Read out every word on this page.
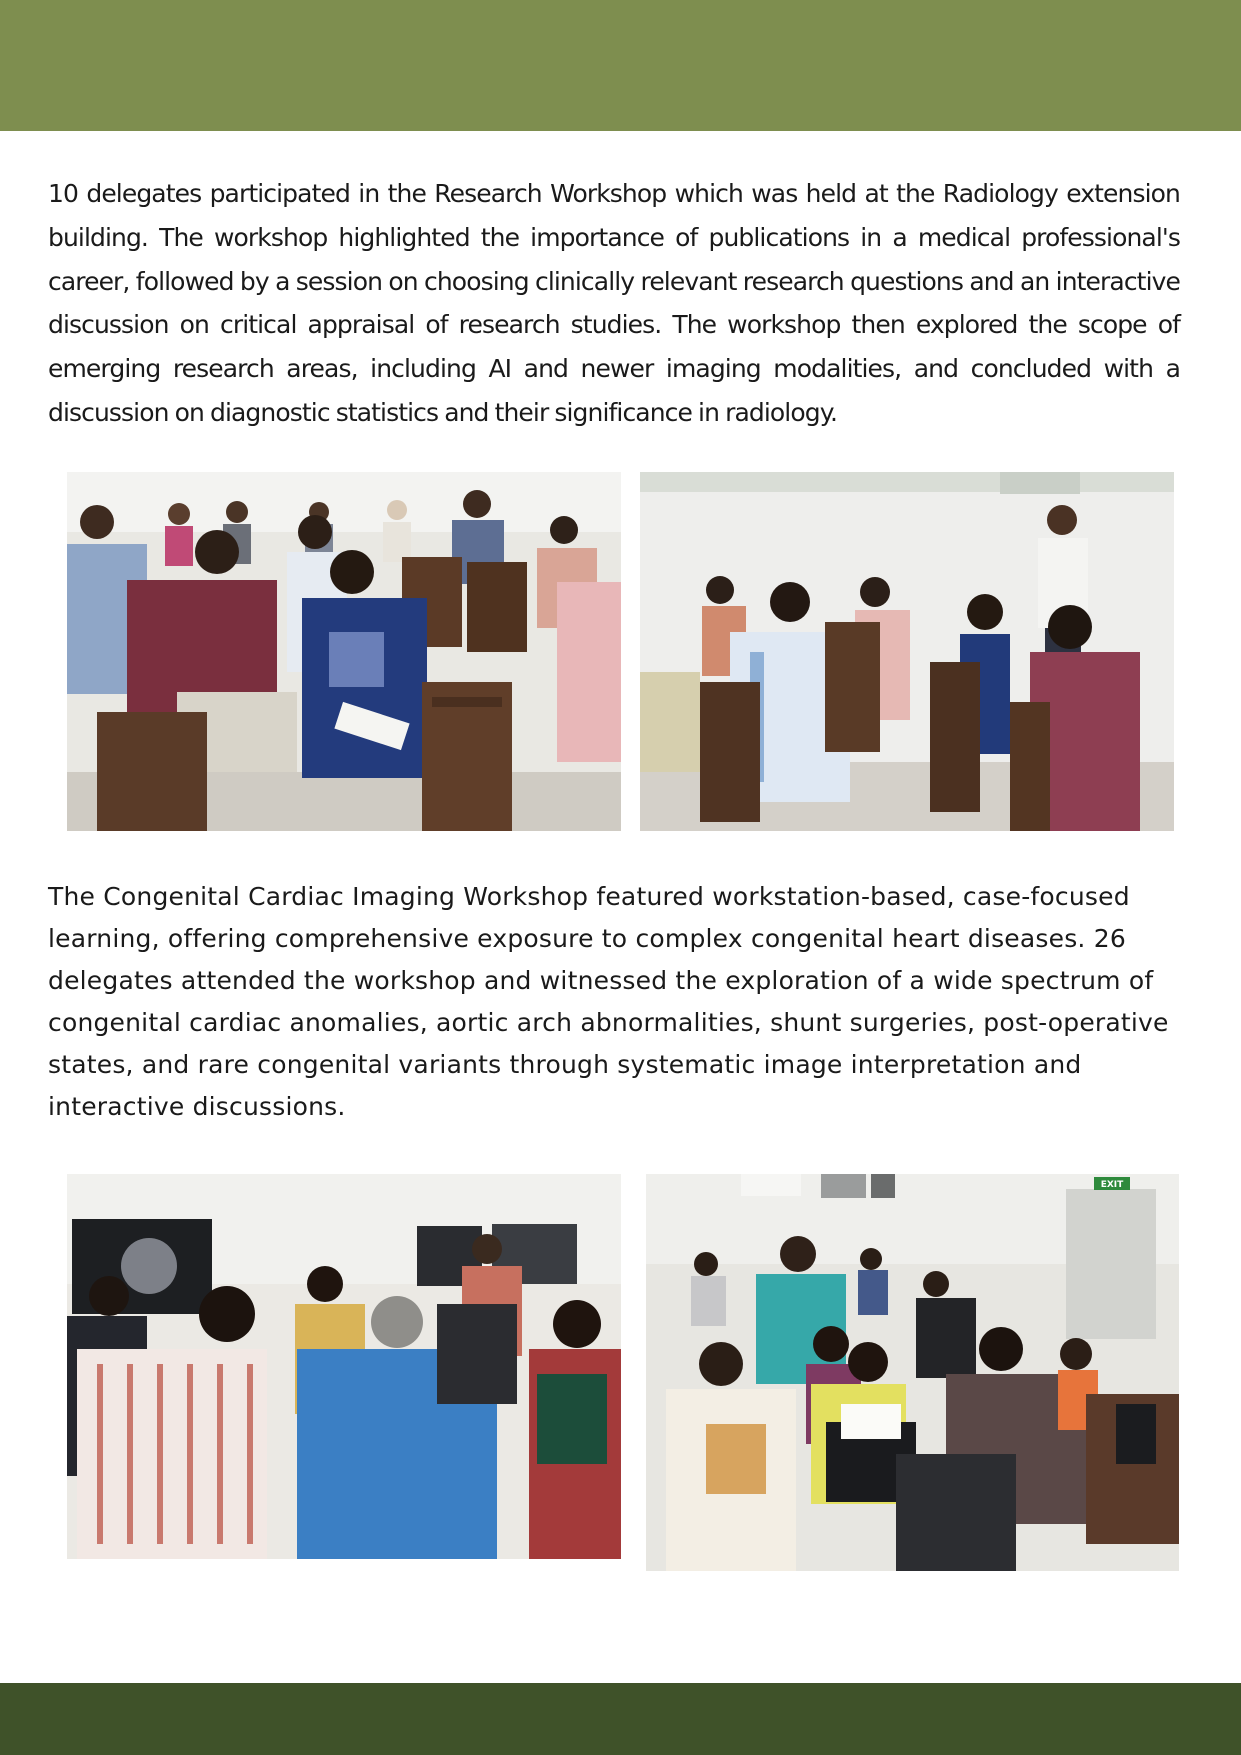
10 delegates participated in the Research Workshop which was held at the Radiology extension building. The workshop highlighted the importance of publications in a medical professional's career, followed by a session on choosing clinically relevant research questions and an interactive discussion on critical appraisal of research studies. The workshop then explored the scope of emerging research areas, including AI and newer imaging modalities, and concluded with a discussion on diagnostic statistics and their significance in radiology.

The Congenital Cardiac Imaging Workshop featured workstation-based, case-focused learning, offering comprehensive exposure to complex congenital heart diseases. 26 delegates attended the workshop and witnessed the exploration of a wide spectrum of congenital cardiac anomalies, aortic arch abnormalities, shunt surgeries, post-operative states, and rare congenital variants through systematic image interpretation and interactive discussions.

EXIT
